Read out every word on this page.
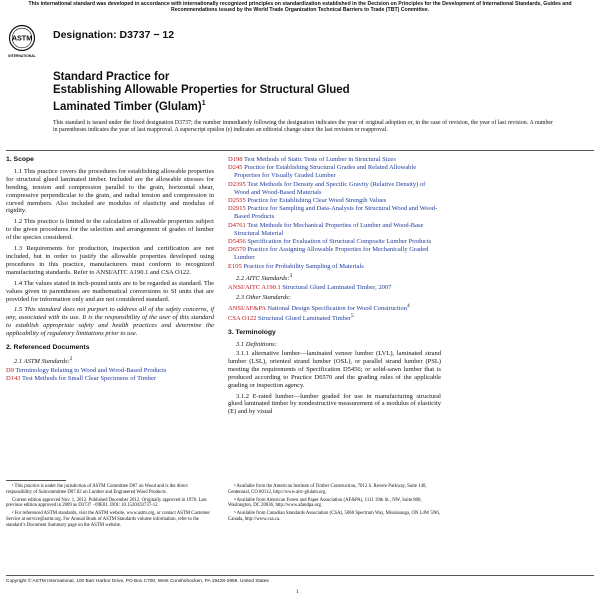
This international standard was developed in accordance with internationally recognized principles on standardization established in the Decision on Principles for the Development of International Standards, Guides and Recommendations issued by the World Trade Organization Technical Barriers to Trade (TBT) Committee.
ASTM
INTERNATIONAL
Designation: D3737 − 12
Standard Practice for
Establishing Allowable Properties for Structural Glued
Laminated Timber (Glulam)$^1$
This standard is issued under the fixed designation D3737; the number immediately following the designation indicates the year of original adoption or, in the case of revision, the year of last revision. A number in parentheses indicates the year of last reapproval. A superscript epsilon (ε) indicates an editorial change since the last revision or reapproval.
1. Scope

1.1 This practice covers the procedures for establishing allowable properties for structural glued laminated timber. Included are the allowable stresses for bending, tension and compression parallel to the grain, horizontal shear, compressive perpendicular to the grain, and radial tension and compression in curved members. Also included are modulus of elasticity and modulus of rigidity.

1.2 This practice is limited to the calculation of allowable properties subject to the given procedures for the selection and arrangement of grades of lumber of the species considered.

1.3 Requirements for production, inspection and certification are not included, but in order to justify the allowable properties developed using procedures in this practice, manufacturers must conform to recognized manufacturing standards. Refer to ANSI/AITC A190.1 and CSA O122.

1.4 The values stated in inch-pound units are to be regarded as standard. The values given in parentheses are mathematical conversions to SI units that are provided for information only and are not considered standard.

1.5 This standard does not purport to address all of the safety concerns, if any, associated with its use. It is the responsibility of the user of this standard to establish appropriate safety and health practices and determine the applicability of regulatory limitations prior to use.

2. Referenced Documents
2.1 ASTM Standards:$^2$
D9 Terminology Relating to Wood and Wood-Based Products
D143 Test Methods for Small Clear Specimens of Timber
D198 Test Methods of Static Tests of Lumber in Structural Sizes
D245 Practice for Establishing Structural Grades and Related Allowable Properties for Visually Graded Lumber
D2395 Test Methods for Density and Specific Gravity (Relative Density) of Wood and Wood-Based Materials
D2555 Practice for Establishing Clear Wood Strength Values
D2915 Practice for Sampling and Data-Analysis for Structural Wood and Wood-Based Products
D4761 Test Methods for Mechanical Properties of Lumber and Wood-Base Structural Material
D5456 Specification for Evaluation of Structural Composite Lumber Products
D6570 Practice for Assigning Allowable Properties for Mechanically Graded Lumber
E105 Practice for Probability Sampling of Materials
2.2 AITC Standards:$^3$
ANSI/AITC A190.1 Structural Glued Laminated Timber, 2007
2.3 Other Standards:
ANSI/AF&PA National Design Specification for Wood Construction$^4$
CSA O122 Structural Glued Laminated Timber$^5$
3. Terminology
3.1 Definitions:

3.1.1 alternative lumber—laminated veneer lumber (LVL), laminated strand lumber (LSL), oriented strand lumber (OSL), or parallel strand lumber (PSL) meeting the requirements of Specification D5456; or solid-sawn lumber that is produced according to Practice D6570 and the grading rules of the applicable grading or inspection agency.

3.1.2 E-rated lumber—lumber graded for use in manufacturing structural glued laminated timber by nondestructive measurement of a modulus of elasticity (E) and by visual

¹ This practice is under the jurisdiction of ASTM Committee D07 on Wood and is the direct responsibility of Subcommittee D07.02 on Lumber and Engineered Wood Products.

Current edition approved Nov. 1, 2012. Published December 2012. Originally approved in 1978. Last previous edition approved in 2009 as D3737 −09E01. DOI: 10.1520/D3737-12.

² For referenced ASTM standards, visit the ASTM website, www.astm.org, or contact ASTM Customer Service at service@astm.org. For Annual Book of ASTM Standards volume information, refer to the standard’s Document Summary page on the ASTM website.

³ Available from the American Institute of Timber Construction, 7012 S. Revere Parkway, Suite 140, Centennial, CO 80112, http://www.aitc-glulam.org.

⁴ Available from American Forest and Paper Association (AF&PA), 1111 19th St., NW, Suite 800, Washington, DC 20036, http://www.afandpa.org.

⁵ Available from Canadian Standards Association (CSA), 5060 Spectrum Way, Mississauga, ON L4W 5N6, Canada, http://www.csa.ca.

Copyright © ASTM International, 100 Barr Harbor Drive, PO Box C700, West Conshohocken, PA 19428-2959. United States
1
